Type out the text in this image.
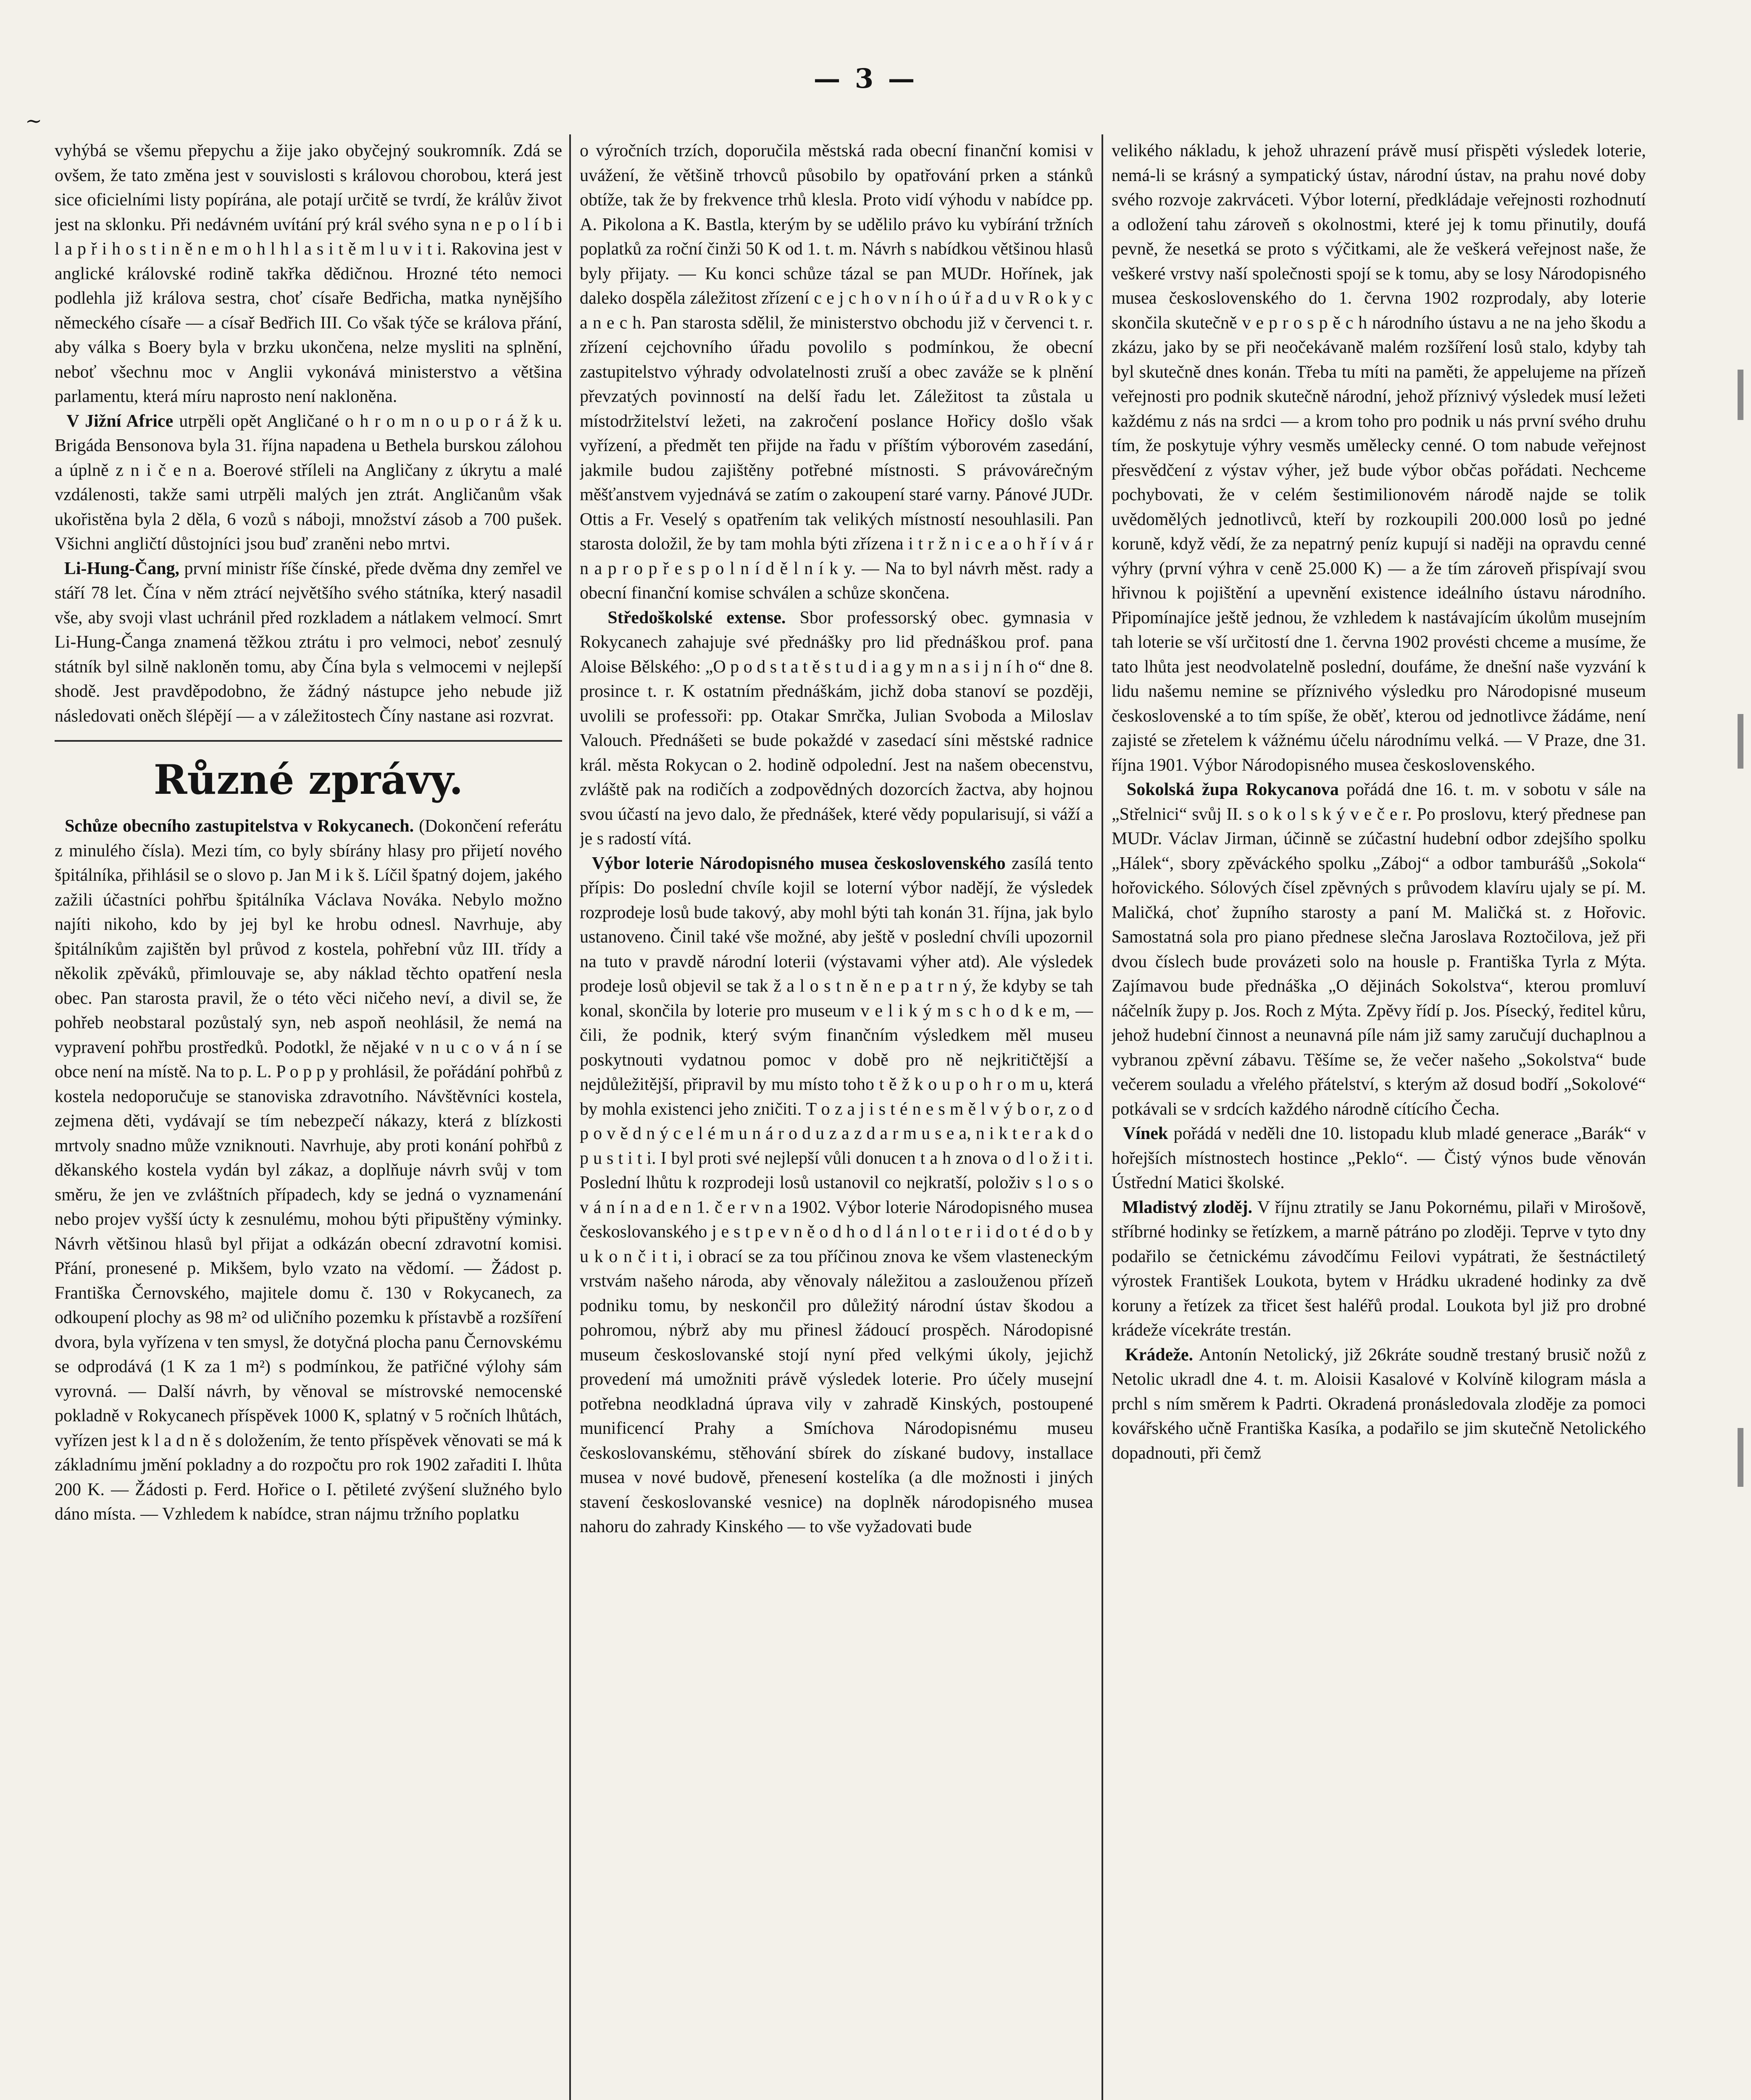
~
— 3 —

vyhýbá se všemu přepychu a žije jako obyčejný soukromník. Zdá se ovšem, že tato změna jest v souvislosti s královou chorobou, která jest sice oficielními listy popírána, ale potají určitě se tvrdí, že králův život jest na sklonku. Při nedávném uvítání prý král svého syna n e p o l í b i l a p ř i h o s t i n ě n e m o h l h l a s i t ě m l u v i t i. Rakovina jest v anglické královské rodině takřka dědičnou. Hrozné této nemoci podlehla již králova sestra, choť císaře Bedřicha, matka nynějšího německého císaře — a císař Bedřich III. Co však týče se králova přání, aby válka s Boery byla v brzku ukončena, nelze mysliti na splnění, neboť všechnu moc v Anglii vykonává ministerstvo a většina parlamentu, která míru naprosto není nakloněna.

V Jižní Africe utrpěli opět Angličané o h r o m n o u p o r á ž k u. Brigáda Bensonova byla 31. října napadena u Bethela burskou zálohou a úplně z n i č e n a. Boerové stříleli na Angličany z úkrytu a malé vzdálenosti, takže sami utrpěli malých jen ztrát. Angličanům však ukořistěna byla 2 děla, 6 vozů s náboji, množství zásob a 700 pušek. Všichni angličtí důstojníci jsou buď zraněni nebo mrtvi.

Li-Hung-Čang, první ministr říše čínské, přede dvěma dny zemřel ve stáří 78 let. Čína v něm ztrácí největšího svého státníka, který nasadil vše, aby svoji vlast uchránil před rozkladem a nátlakem velmocí. Smrt Li-Hung-Čanga znamená těžkou ztrátu i pro velmoci, neboť zesnulý státník byl silně nakloněn tomu, aby Čína byla s velmocemi v nejlepší shodě. Jest pravděpodobno, že žádný nástupce jeho nebude již následovati oněch šlépějí — a v záležitostech Číny nastane asi rozvrat.

Různé zprávy.

Schůze obecního zastupitelstva v Rokycanech. (Dokončení referátu z minulého čísla). Mezi tím, co byly sbírány hlasy pro přijetí nového špitálníka, přihlásil se o slovo p. Jan M i k š. Líčil špatný dojem, jakého zažili účastníci pohřbu špitálníka Václava Nováka. Nebylo možno najíti nikoho, kdo by jej byl ke hrobu odnesl. Navrhuje, aby špitálníkům zajištěn byl průvod z kostela, pohřební vůz III. třídy a několik zpěváků, přimlouvaje se, aby náklad těchto opatření nesla obec. Pan starosta pravil, že o této věci ničeho neví, a divil se, že pohřeb neobstaral pozůstalý syn, neb aspoň neohlásil, že nemá na vypravení pohřbu prostředků. Podotkl, že nějaké v n u c o v á n í se obce není na místě. Na to p. L. P o p p y prohlásil, že pořádání pohřbů z kostela nedoporučuje se stanoviska zdravotního. Návštěvníci kostela, zejmena děti, vydávají se tím nebezpečí nákazy, která z blízkosti mrtvoly snadno může vzniknouti. Navrhuje, aby proti konání pohřbů z děkanského kostela vydán byl zákaz, a doplňuje návrh svůj v tom směru, že jen ve zvláštních případech, kdy se jedná o vyznamenání nebo projev vyšší úcty k zesnulému, mohou býti připuštěny výminky. Návrh většinou hlasů byl přijat a odkázán obecní zdravotní komisi. Přání, pronesené p. Mikšem, bylo vzato na vědomí. — Žádost p. Františka Černovského, majitele domu č. 130 v Rokycanech, za odkoupení plochy as 98 m² od uličního pozemku k přístavbě a rozšíření dvora, byla vyřízena v ten smysl, že dotyčná plocha panu Černovskému se odprodává (1 K za 1 m²) s podmínkou, že patřičné výlohy sám vyrovná. — Další návrh, by věnoval se místrovské nemocenské pokladně v Rokycanech příspěvek 1000 K, splatný v 5 ročních lhůtách, vyřízen jest k l a d n ě s doložením, že tento příspěvek věnovati se má k základnímu jmění pokladny a do rozpočtu pro rok 1902 zařaditi I. lhůta 200 K. — Žádosti p. Ferd. Hořice o I. pětileté zvýšení služného bylo dáno místa. — Vzhledem k nabídce, stran nájmu tržního poplatku

o výročních trzích, doporučila městská rada obecní finanční komisi v uvážení, že většině trhovců působilo by opatřování prken a stánků obtíže, tak že by frekvence trhů klesla. Proto vidí výhodu v nabídce pp. A. Pikolona a K. Bastla, kterým by se udělilo právo ku vybírání tržních poplatků za roční činži 50 K od 1. t. m. Návrh s nabídkou většinou hlasů byly přijaty. — Ku konci schůze tázal se pan MUDr. Hořínek, jak daleko dospěla záležitost zřízení c e j c h o v n í h o ú ř a d u v R o k y c a n e c h. Pan starosta sdělil, že ministerstvo obchodu již v červenci t. r. zřízení cejchovního úřadu povolilo s podmínkou, že obecní zastupitelstvo výhrady odvolatelnosti zruší a obec zaváže se k plnění převzatých povinností na delší řadu let. Záležitost ta zůstala u místodržitelství ležeti, na zakročení poslance Hořicy došlo však vyřízení, a předmět ten přijde na řadu v příštím výborovém zasedání, jakmile budou zajištěny potřebné místnosti. S právovárečným měšťanstvem vyjednává se zatím o zakoupení staré varny. Pánové JUDr. Ottis a Fr. Veselý s opatřením tak velikých místností nesouhlasili. Pan starosta doložil, že by tam mohla býti zřízena i t r ž n i c e a o h ř í v á r n a p r o p ř e s p o l n í d ě l n í k y. — Na to byl návrh měst. rady a obecní finanční komise schválen a schůze skončena.

Středoškolské extense. Sbor professorský obec. gymnasia v Rokycanech zahajuje své přednášky pro lid přednáškou prof. pana Aloise Bělského: „O p o d s t a t ě s t u d i a g y m n a s i j n í h o“ dne 8. prosince t. r. K ostatním přednáškám, jichž doba stanoví se později, uvolili se professoři: pp. Otakar Smrčka, Julian Svoboda a Miloslav Valouch. Přednášeti se bude pokaždé v zasedací síni městské radnice král. města Rokycan o 2. hodině odpolední. Jest na našem obecenstvu, zvláště pak na rodičích a zodpovědných dozorcích žactva, aby hojnou svou účastí na jevo dalo, že přednášek, které vědy popularisují, si váží a je s radostí vítá.

Výbor loterie Národopisného musea československého zasílá tento přípis: Do poslední chvíle kojil se loterní výbor nadějí, že výsledek rozprodeje losů bude takový, aby mohl býti tah konán 31. října, jak bylo ustanoveno. Činil také vše možné, aby ještě v poslední chvíli upozornil na tuto v pravdě národní loterii (výstavami výher atd). Ale výsledek prodeje losů objevil se tak ž a l o s t n ě n e p a t r n ý, že kdyby se tah konal, skončila by loterie pro museum v e l i k ý m s c h o d k e m, — čili, že podnik, který svým finančním výsledkem měl museu poskytnouti vydatnou pomoc v době pro ně nejkritičtější a nejdůležitější, připravil by mu místo toho t ě ž k o u p o h r o m u, která by mohla existenci jeho zničiti. T o z a j i s t é n e s m ě l v ý b o r, z o d p o v ě d n ý c e l é m u n á r o d u z a z d a r m u s e a, n i k t e r a k d o p u s t i t i. I byl proti své nejlepší vůli donucen t a h znova o d l o ž i t i. Poslední lhůtu k rozprodeji losů ustanovil co nejkratší, položiv s l o s o v á n í n a d e n 1. č e r v n a 1902. Výbor loterie Národopisného musea českoslovanského j e s t p e v n ě o d h o d l á n l o t e r i i d o t é d o b y u k o n č i t i, i obrací se za tou příčinou znova ke všem vlasteneckým vrstvám našeho národa, aby věnovaly náležitou a zaslouženou přízeň podniku tomu, by neskončil pro důležitý národní ústav škodou a pohromou, nýbrž aby mu přinesl žádoucí prospěch. Národopisné museum českoslovanské stojí nyní před velkými úkoly, jejichž provedení má umožniti právě výsledek loterie. Pro účely musejní potřebna neodkladná úprava vily v zahradě Kinských, postoupené munificencí Prahy a Smíchova Národopisnému museu českoslovanskému, stěhování sbírek do získané budovy, installace musea v nové budově, přenesení kostelíka (a dle možnosti i jiných stavení českoslovanské vesnice) na doplněk národopisného musea nahoru do zahrady Kinského — to vše vyžadovati bude

velikého nákladu, k jehož uhrazení právě musí přispěti výsledek loterie, nemá-li se krásný a sympatický ústav, národní ústav, na prahu nové doby svého rozvoje zakrváceti. Výbor loterní, předkládaje veřejnosti rozhodnutí a odložení tahu zároveň s okolnostmi, které jej k tomu přinutily, doufá pevně, že nesetká se proto s výčitkami, ale že veškerá veřejnost naše, že veškeré vrstvy naší společnosti spojí se k tomu, aby se losy Národopisného musea československého do 1. června 1902 rozprodaly, aby loterie skončila skutečně v e p r o s p ě c h národního ústavu a ne na jeho škodu a zkázu, jako by se při neočekávaně malém rozšíření losů stalo, kdyby tah byl skutečně dnes konán. Třeba tu míti na paměti, že appelujeme na přízeň veřejnosti pro podnik skutečně národní, jehož příznivý výsledek musí ležeti každému z nás na srdci — a krom toho pro podnik u nás první svého druhu tím, že poskytuje výhry vesměs umělecky cenné. O tom nabude veřejnost přesvědčení z výstav výher, jež bude výbor občas pořádati. Nechceme pochybovati, že v celém šestimilionovém národě najde se tolik uvědomělých jednotlivců, kteří by rozkoupili 200.000 losů po jedné koruně, když vědí, že za nepatrný peníz kupují si naději na opravdu cenné výhry (první výhra v ceně 25.000 K) — a že tím zároveň přispívají svou hřivnou k pojištění a upevnění existence ideálního ústavu národního. Připomínajíce ještě jednou, že vzhledem k nastávajícím úkolům musejním tah loterie se vší určitostí dne 1. června 1902 provésti chceme a musíme, že tato lhůta jest neodvolatelně poslední, doufáme, že dnešní naše vyzvání k lidu našemu nemine se příznivého výsledku pro Národopisné museum československé a to tím spíše, že oběť, kterou od jednotlivce žádáme, není zajisté se zřetelem k vážnému účelu národnímu velká. — V Praze, dne 31. října 1901. Výbor Národopisného musea československého.

Sokolská župa Rokycanova pořádá dne 16. t. m. v sobotu v sále na „Střelnici“ svůj II. s o k o l s k ý v e č e r. Po proslovu, který přednese pan MUDr. Václav Jirman, účinně se zúčastní hudební odbor zdejšího spolku „Hálek“, sbory zpěváckého spolku „Záboj“ a odbor tamburášů „Sokola“ hořovického. Sólových čísel zpěvných s průvodem klavíru ujaly se pí. M. Maličká, choť župního starosty a paní M. Maličká st. z Hořovic. Samostatná sola pro piano přednese slečna Jaroslava Roztočilova, jež při dvou číslech bude provázeti solo na housle p. Františka Tyrla z Mýta. Zajímavou bude přednáška „O dějinách Sokolstva“, kterou promluví náčelník župy p. Jos. Roch z Mýta. Zpěvy řídí p. Jos. Písecký, ředitel kůru, jehož hudební činnost a neunavná píle nám již samy zaručují duchaplnou a vybranou zpěvní zábavu. Těšíme se, že večer našeho „Sokolstva“ bude večerem souladu a vřelého přátelství, s kterým až dosud bodří „Sokolové“ potkávali se v srdcích každého národně cítícího Čecha.

Vínek pořádá v neděli dne 10. listopadu klub mladé generace „Barák“ v hořejších místnostech hostince „Peklo“. — Čistý výnos bude věnován Ústřední Matici školské.

Mladistvý zloděj. V říjnu ztratily se Janu Pokornému, pilaři v Mirošově, stříbrné hodinky se řetízkem, a marně pátráno po zloději. Teprve v tyto dny podařilo se četnickému závodčímu Feilovi vypátrati, že šestnáctiletý výrostek František Loukota, bytem v Hrádku ukradené hodinky za dvě koruny a řetízek za třicet šest haléřů prodal. Loukota byl již pro drobné krádeže vícekráte trestán.

Krádeže. Antonín Netolický, již 26kráte soudně trestaný brusič nožů z Netolic ukradl dne 4. t. m. Aloisii Kasalové v Kolvíně kilogram másla a prchl s ním směrem k Padrti. Okradená pronásledovala zloděje za pomoci kovářského učně Františka Kasíka, a podařilo se jim skutečně Netolického dopadnouti, při čemž
